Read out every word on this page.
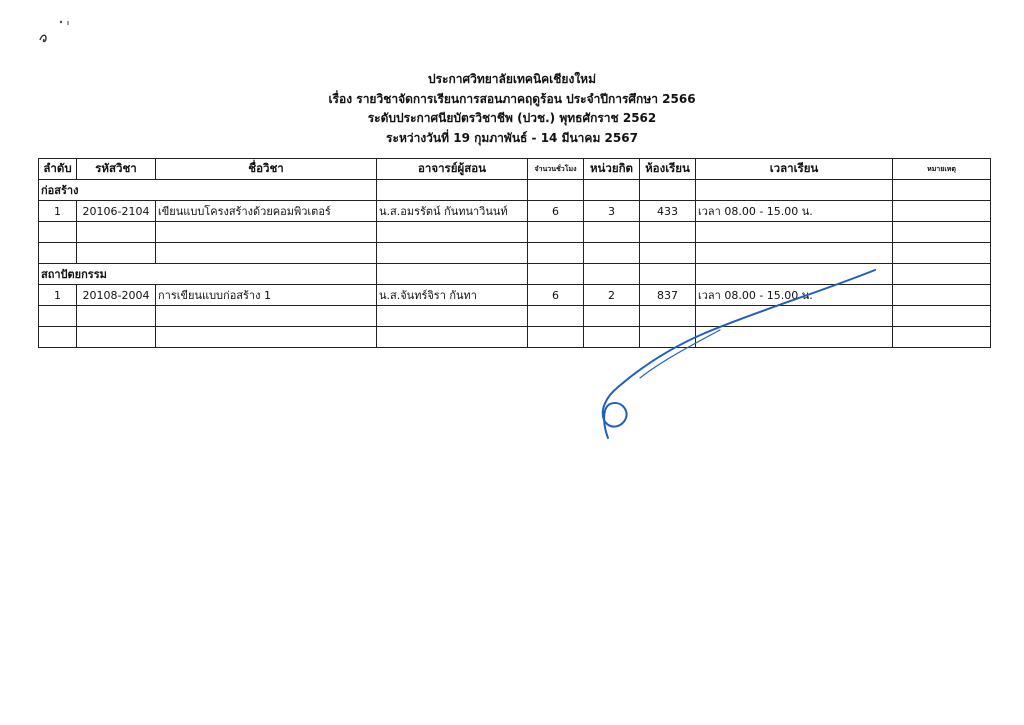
ประกาศวิทยาลัยเทคนิคเชียงใหม่
เรื่อง รายวิชาจัดการเรียนการสอนภาคฤดูร้อน ประจำปีการศึกษา 2566
ระดับประกาศนียบัตรวิชาชีพ (ปวช.) พุทธศักราช 2562
ระหว่างวันที่ 19 กุมภาพันธ์ - 14 มีนาคม 2567
ลำดับ	รหัสวิชา	ชื่อวิชา	อาจารย์ผู้สอน	จำนวนชั่วโมง	หน่วยกิต	ห้องเรียน	เวลาเรียน	หมายเหตุ
ก่อสร้าง								
1	20106-2104	เขียนแบบโครงสร้างด้วยคอมพิวเตอร์	น.ส.อมรรัตน์ กันทนาวินนท์	6	3	433	เวลา 08.00 - 15.00 น.	

สถาปัตยกรรม								
1	20108-2004	การเขียนแบบก่อสร้าง 1	น.ส.จันทร์จิรา กันทา	6	2	837	เวลา 08.00 - 15.00 น.	
